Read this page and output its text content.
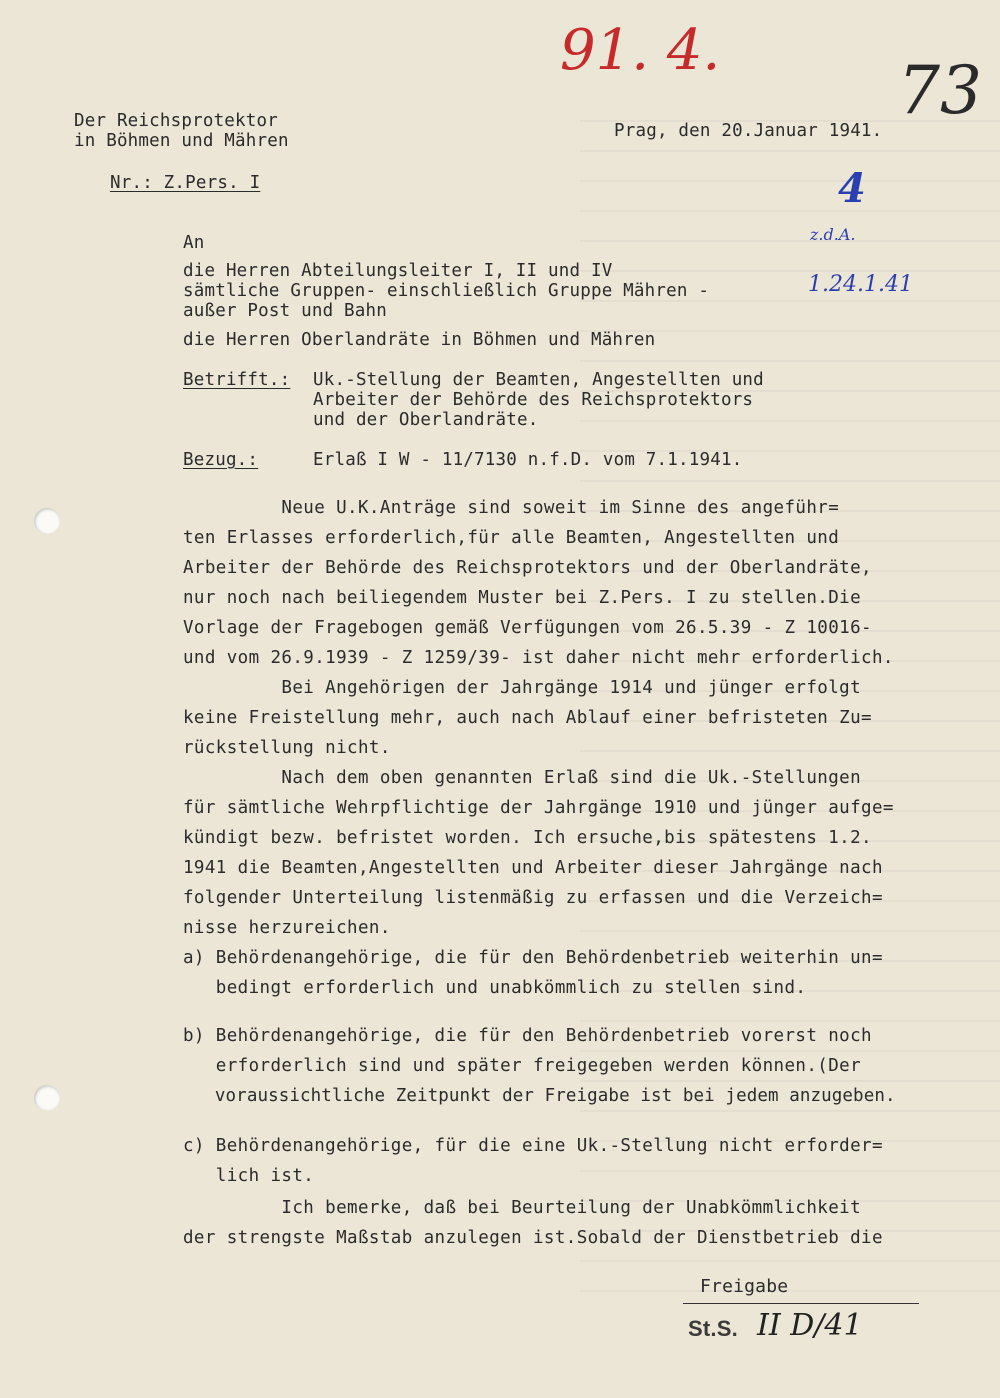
91. 4.
73
4
z.d.A.
1.24.1.41
Der Reichsprotektor
in Böhmen und Mähren
Nr.: Z.Pers. I
Prag, den 20.Januar 1941.
An
die Herren Abteilungsleiter I, II und IV
sämtliche Gruppen- einschließlich Gruppe Mähren -
außer Post und Bahn
die Herren Oberlandräte in Böhmen und Mähren
Betrifft.: Uk.-Stellung der Beamten, Angestellten und
Arbeiter der Behörde des Reichsprotektors
und der Oberlandräte.
Bezug.:	Erlaß I W - 11/7130 n.f.D. vom 7.1.1941.
Neue U.K.Anträge sind soweit im Sinne des angeführ=
ten Erlasses erforderlich,für alle Beamten, Angestellten und
Arbeiter der Behörde des Reichsprotektors und der Oberlandräte,
nur noch nach beiliegendem Muster bei Z.Pers. I zu stellen.Die
Vorlage der Fragebogen gemäß Verfügungen vom 26.5.39 - Z 10016-
und vom 26.9.1939 - Z 1259/39- ist daher nicht mehr erforderlich.
Bei Angehörigen der Jahrgänge 1914 und jünger erfolgt
keine Freistellung mehr, auch nach Ablauf einer befristeten Zu=
rückstellung nicht.
Nach dem oben genannten Erlaß sind die Uk.-Stellungen
für sämtliche Wehrpflichtige der Jahrgänge 1910 und jünger aufge=
kündigt bezw. befristet worden. Ich ersuche,bis spätestens 1.2.
1941 die Beamten,Angestellten und Arbeiter dieser Jahrgänge nach
folgender Unterteilung listenmäßig zu erfassen und die Verzeich=
nisse herzureichen.
a) Behördenangehörige, die für den Behördenbetrieb weiterhin un=
bedingt erforderlich und unabkömmlich zu stellen sind.
b) Behördenangehörige, die für den Behördenbetrieb vorerst noch
erforderlich sind und später freigegeben werden können.(Der
voraussichtliche Zeitpunkt der Freigabe ist bei jedem anzugeben.
c) Behördenangehörige, für die eine Uk.-Stellung nicht erforder=
lich ist.
Ich bemerke, daß bei Beurteilung der Unabkömmlichkeit
der strengste Maßstab anzulegen ist.Sobald der Dienstbetrieb die
Freigabe
St.S. II D/41
